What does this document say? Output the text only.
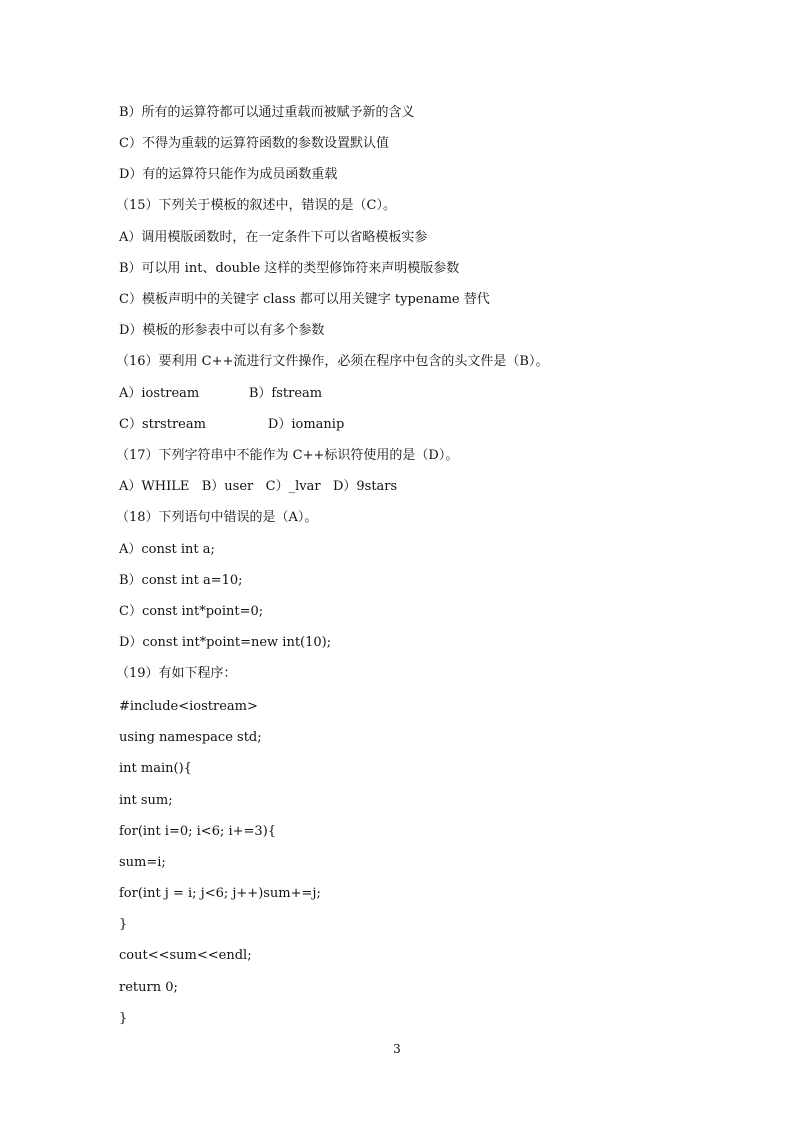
B）所有的运算符都可以通过重载而被赋予新的含义
C）不得为重载的运算符函数的参数设置默认值
D）有的运算符只能作为成员函数重载
（15）下列关于模板的叙述中，错误的是（C）。
A）调用模版函数时，在一定条件下可以省略模板实参
B）可以用 int、double 这样的类型修饰符来声明模版参数
C）模板声明中的关键字 class 都可以用关键字 typename 替代
D）模板的形参表中可以有多个参数
（16）要利用 C++流进行文件操作，必须在程序中包含的头文件是（B）。
A）iostream            B）fstream
C）strstream               D）iomanip
（17）下列字符串中不能作为 C++标识符使用的是（D）。
A）WHILE   B）user   C）_lvar   D）9stars
（18）下列语句中错误的是（A）。
A）const int a;
B）const int a=10;
C）const int*point=0;
D）const int*point=new int(10);
（19）有如下程序：
#include<iostream>
using namespace std;
int main(){
int sum;
for(int i=0; i<6; i+=3){
sum=i;
for(int j = i; j<6; j++)sum+=j;
}
cout<<sum<<endl;
return 0;
}
3
